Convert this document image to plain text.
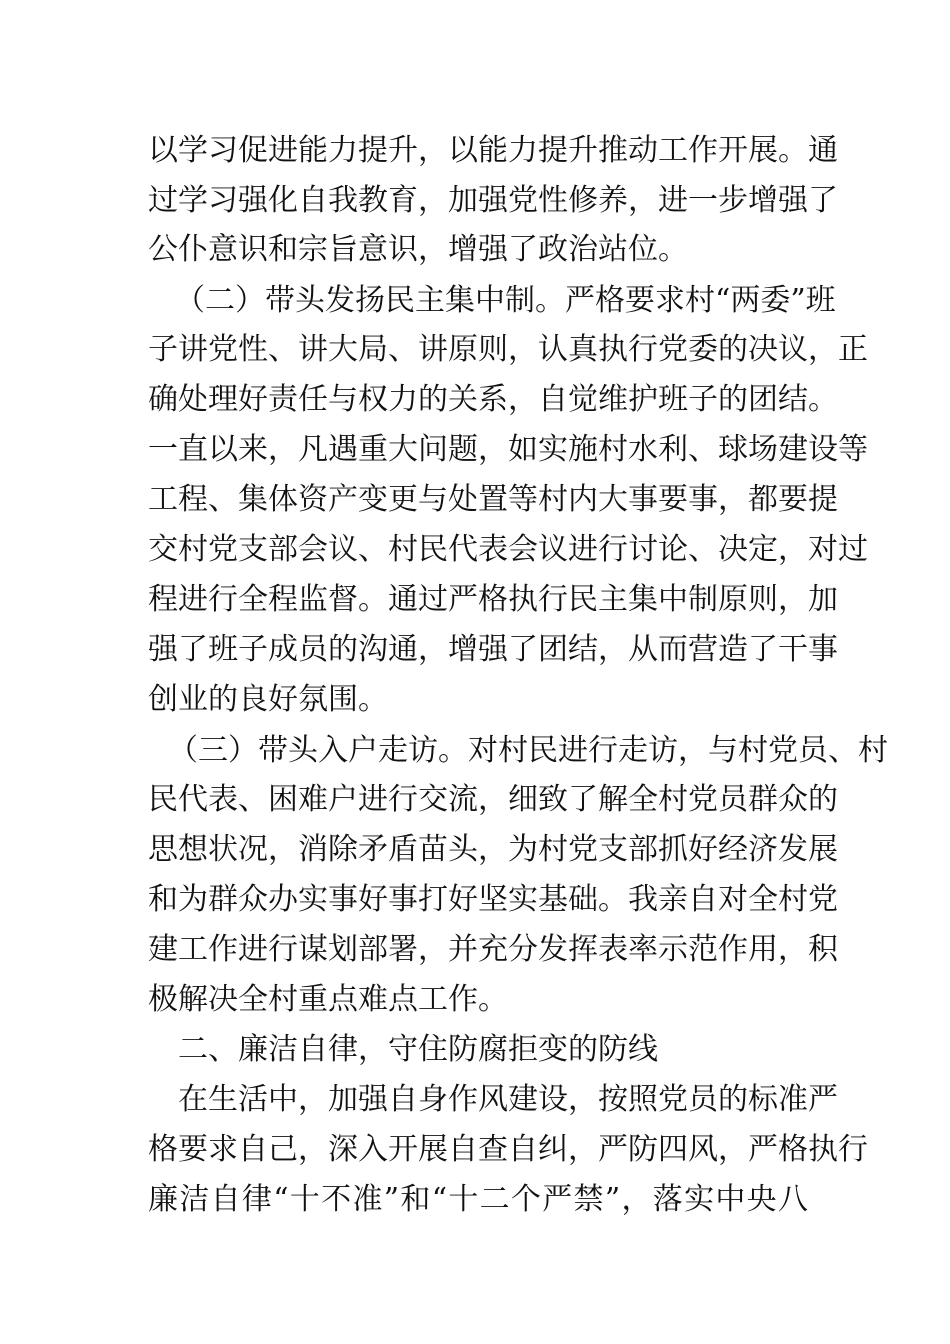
以学习促进能力提升，以能力提升推动工作开展。通
过学习强化自我教育，加强党性修养，进一步增强了
公仆意识和宗旨意识，增强了政治站位。
（二）带头发扬民主集中制。严格要求村“两委”班
子讲党性、讲大局、讲原则，认真执行党委的决议，正
确处理好责任与权力的关系，自觉维护班子的团结。
一直以来，凡遇重大问题，如实施村水利、球场建设等
工程、集体资产变更与处置等村内大事要事，都要提
交村党支部会议、村民代表会议进行讨论、决定，对过
程进行全程监督。通过严格执行民主集中制原则，加
强了班子成员的沟通，增强了团结，从而营造了干事
创业的良好氛围。
（三）带头入户走访。对村民进行走访，与村党员、村
民代表、困难户进行交流，细致了解全村党员群众的
思想状况，消除矛盾苗头，为村党支部抓好经济发展
和为群众办实事好事打好坚实基础。我亲自对全村党
建工作进行谋划部署，并充分发挥表率示范作用，积
极解决全村重点难点工作。
二、廉洁自律，守住防腐拒变的防线
在生活中，加强自身作风建设，按照党员的标准严
格要求自己，深入开展自查自纠，严防四风，严格执行
廉洁自律“十不准”和“十二个严禁”，落实中央八
